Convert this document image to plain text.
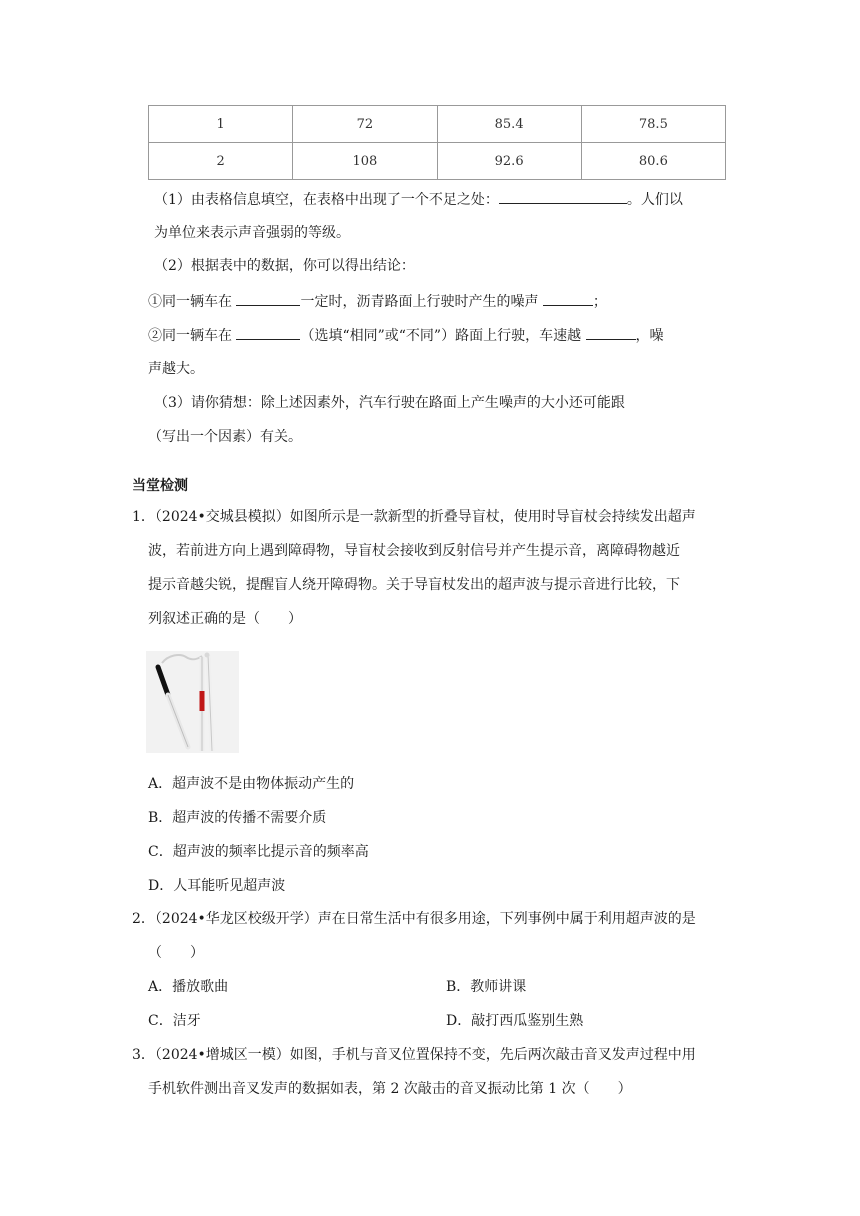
1	72	85.4	78.5
2	108	92.6	80.6
（1）由表格信息填空，在表格中出现了一个不足之处：	。人们以
为单位来表示声音强弱的等级。
（2）根据表中的数据，你可以得出结论：
①同一辆车在	一定时，沥青路面上行驶时产生的噪声	；
②同一辆车在	（选填“相同”或“不同”）路面上行驶，车速越	，噪
声越大。
（3）请你猜想：除上述因素外，汽车行驶在路面上产生噪声的大小还可能跟
（写出一个因素）有关。
当堂检测
1．（2024•交城县模拟）如图所示是一款新型的折叠导盲杖，使用时导盲杖会持续发出超声
波，若前进方向上遇到障碍物，导盲杖会接收到反射信号并产生提示音，离障碍物越近
提示音越尖锐，提醒盲人绕开障碍物。关于导盲杖发出的超声波与提示音进行比较，下
列叙述正确的是（　　）
A．超声波不是由物体振动产生的
B．超声波的传播不需要介质
C．超声波的频率比提示音的频率高
D．人耳能听见超声波
2．（2024•华龙区校级开学）声在日常生活中有很多用途，下列事例中属于利用超声波的是
（　　）
A．播放歌曲	B．教师讲课
C．洁牙	D．敲打西瓜鉴别生熟
3．（2024•增城区一模）如图，手机与音叉位置保持不变，先后两次敲击音叉发声过程中用
手机软件测出音叉发声的数据如表，第 2 次敲击的音叉振动比第 1 次（　　）
